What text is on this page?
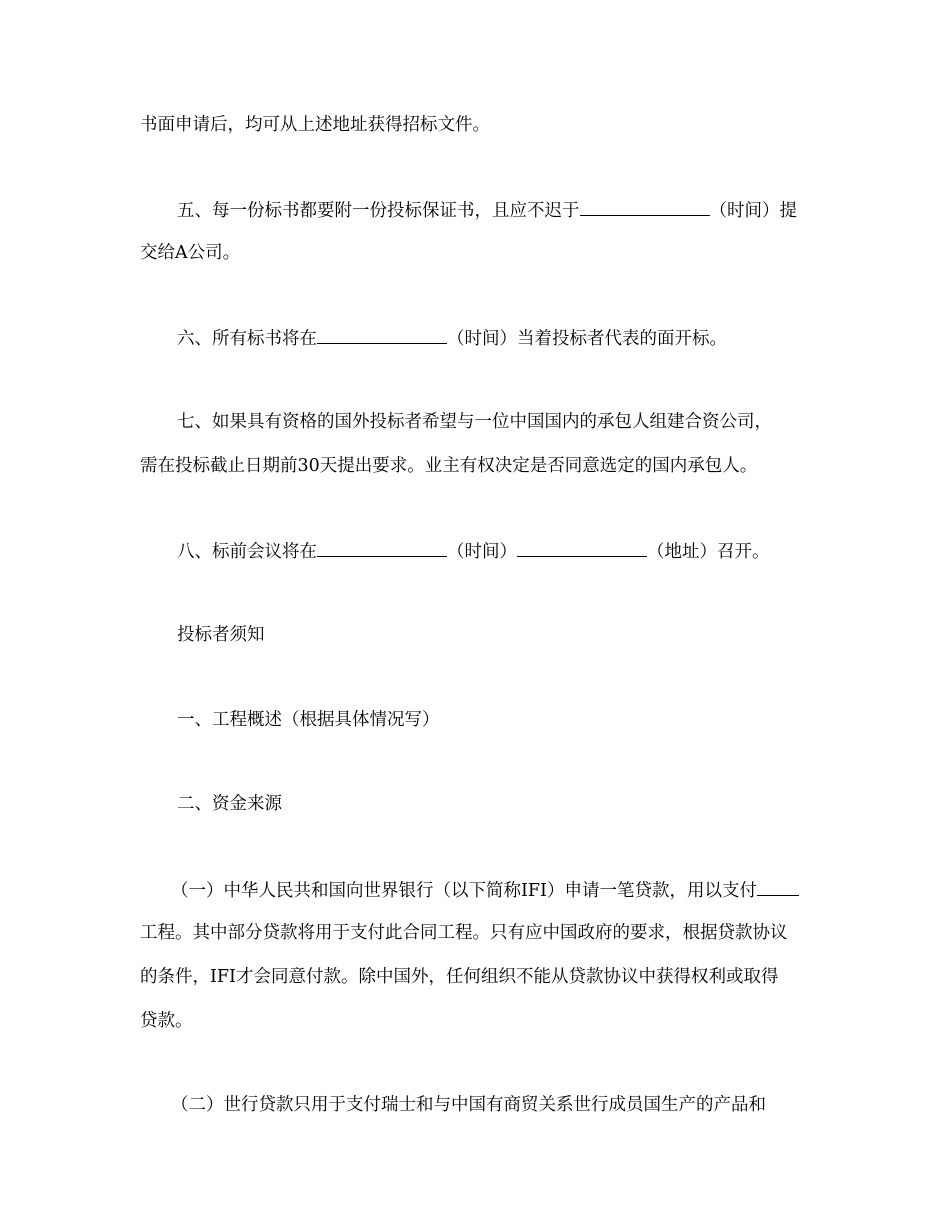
书面申请后，均可从上述地址获得招标文件。
五、每一份标书都要附一份投标保证书，且应不迟于	（时间）提
交给A公司。
六、所有标书将在	（时间）当着投标者代表的面开标。
七、如果具有资格的国外投标者希望与一位中国国内的承包人组建合资公司，
需在投标截止日期前30天提出要求。业主有权决定是否同意选定的国内承包人。
八、标前会议将在	（时间）	（地址）召开。
投标者须知
一、工程概述（根据具体情况写）
二、资金来源
（一）中华人民共和国向世界银行（以下简称IFI）申请一笔贷款，用以支付
工程。其中部分贷款将用于支付此合同工程。只有应中国政府的要求，根据贷款协议
的条件，IFI才会同意付款。除中国外，任何组织不能从贷款协议中获得权利或取得
贷款。
（二）世行贷款只用于支付瑞士和与中国有商贸关系世行成员国生产的产品和
